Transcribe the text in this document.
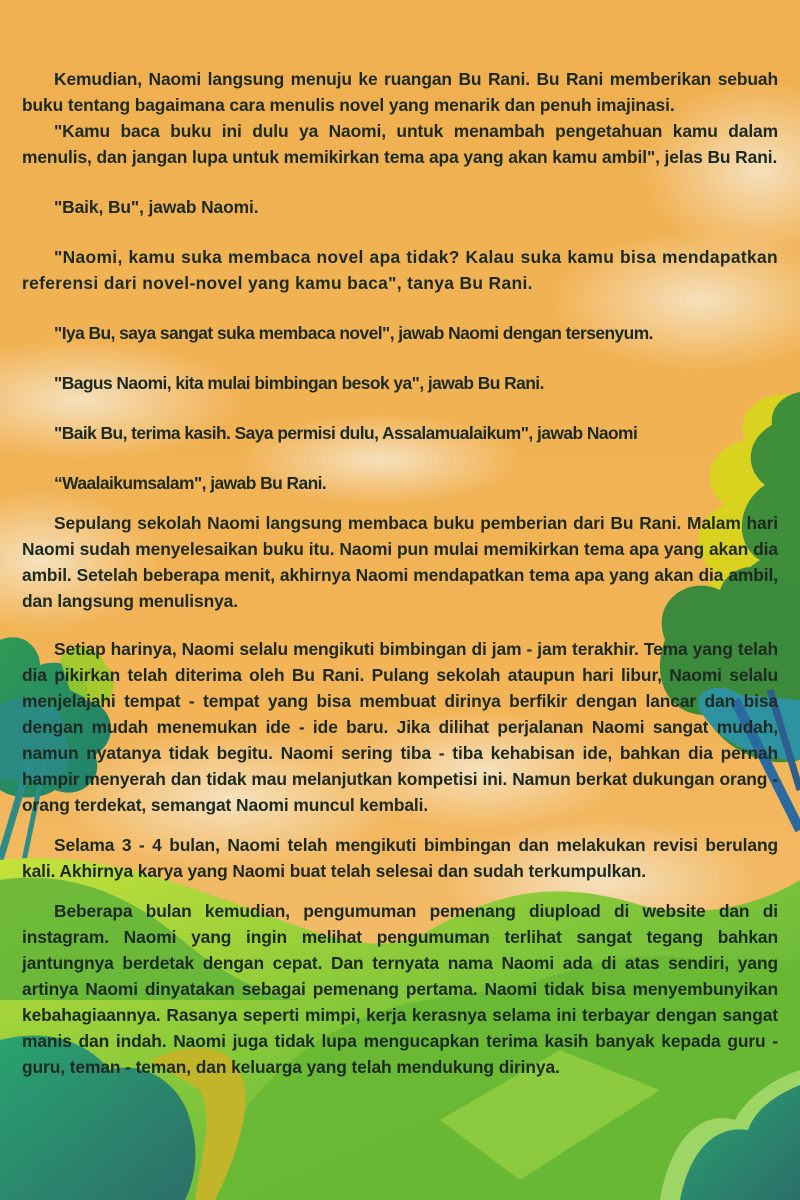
Kemudian, Naomi langsung menuju ke ruangan Bu Rani. Bu Rani memberikan sebuah buku tentang bagaimana cara menulis novel yang menarik dan penuh imajinasi.

"Kamu baca buku ini dulu ya Naomi, untuk menambah pengetahuan kamu dalam menulis, dan jangan lupa untuk memikirkan tema apa yang akan kamu ambil", jelas Bu Rani.

"Baik, Bu", jawab Naomi.

"Naomi, kamu suka membaca novel apa tidak? Kalau suka kamu bisa mendapatkan referensi dari novel-novel yang kamu baca", tanya Bu Rani.

"Iya Bu, saya sangat suka membaca novel", jawab Naomi dengan tersenyum.

"Bagus Naomi, kita mulai bimbingan besok ya", jawab Bu Rani.

"Baik Bu, terima kasih. Saya permisi dulu, Assalamualaikum", jawab Naomi

“Waalaikumsalam", jawab Bu Rani.

Sepulang sekolah Naomi langsung membaca buku pemberian dari Bu Rani. Malam hari Naomi sudah menyelesaikan buku itu. Naomi pun mulai memikirkan tema apa yang akan dia ambil. Setelah beberapa menit, akhirnya Naomi mendapatkan tema apa yang akan dia ambil, dan langsung menulisnya.

Setiap harinya, Naomi selalu mengikuti bimbingan di jam - jam terakhir. Tema yang telah dia pikirkan telah diterima oleh Bu Rani. Pulang sekolah ataupun hari libur, Naomi selalu menjelajahi tempat - tempat yang bisa membuat dirinya berfikir dengan lancar dan bisa dengan mudah menemukan ide - ide baru. Jika dilihat perjalanan Naomi sangat mudah, namun nyatanya tidak begitu. Naomi sering tiba - tiba kehabisan ide, bahkan dia pernah hampir menyerah dan tidak mau melanjutkan kompetisi ini. Namun berkat dukungan orang - orang terdekat, semangat Naomi muncul kembali.

Selama 3 - 4 bulan, Naomi telah mengikuti bimbingan dan melakukan revisi berulang kali. Akhirnya karya yang Naomi buat telah selesai dan sudah terkumpulkan.

Beberapa bulan kemudian, pengumuman pemenang diupload di website dan di instagram. Naomi yang ingin melihat pengumuman terlihat sangat tegang bahkan jantungnya berdetak dengan cepat. Dan ternyata nama Naomi ada di atas sendiri, yang artinya Naomi dinyatakan sebagai pemenang pertama. Naomi tidak bisa menyembunyikan kebahagiaannya. Rasanya seperti mimpi, kerja kerasnya selama ini terbayar dengan sangat manis dan indah. Naomi juga tidak lupa mengucapkan terima kasih banyak kepada guru - guru, teman - teman, dan keluarga yang telah mendukung dirinya.
